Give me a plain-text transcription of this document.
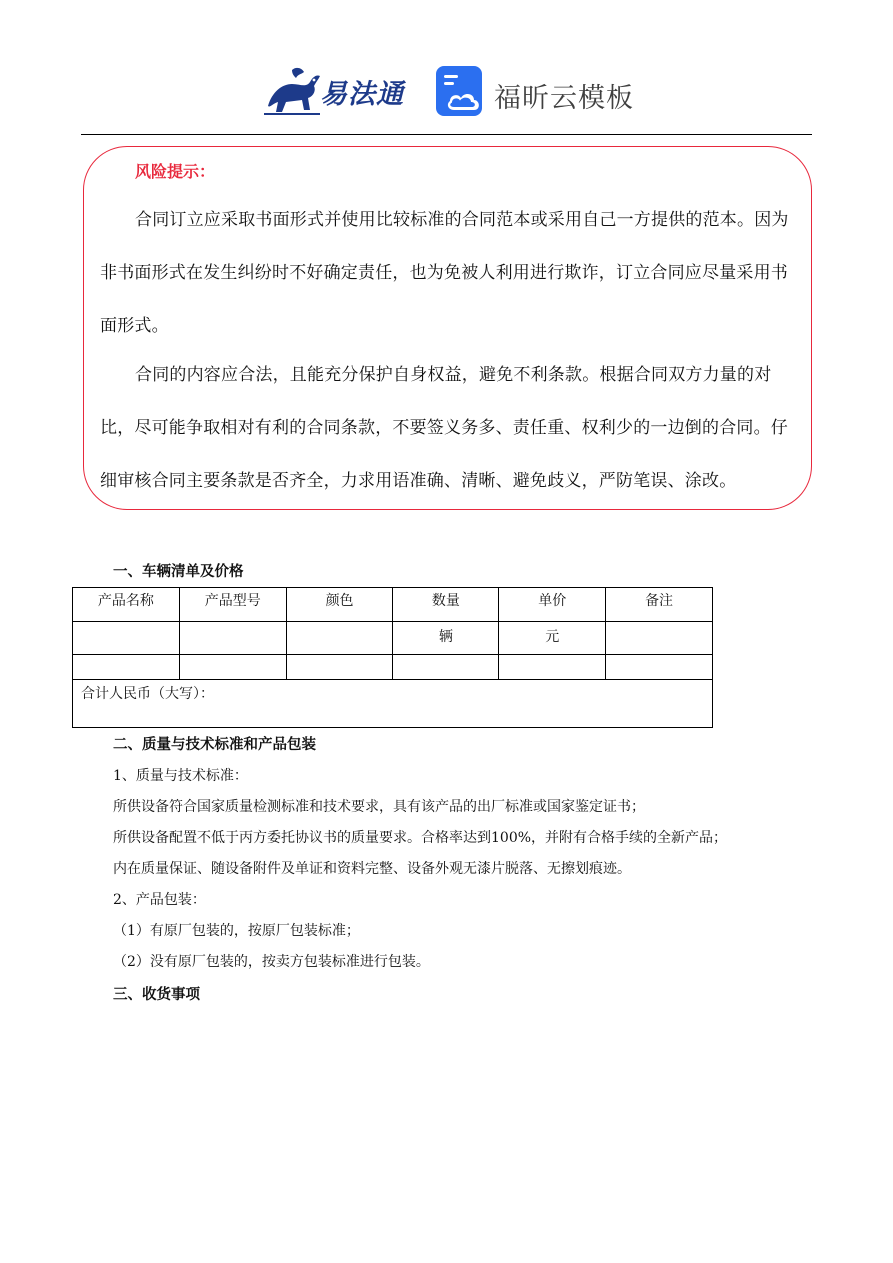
易法通	福昕云模板
风险提示：

合同订立应采取书面形式并使用比较标准的合同范本或采用自己一方提供的范本。因为非书面形式在发生纠纷时不好确定责任，也为免被人利用进行欺诈，订立合同应尽量采用书面形式。

合同的内容应合法，且能充分保护自身权益，避免不利条款。根据合同双方力量的对比，尽可能争取相对有利的合同条款，不要签义务多、责任重、权利少的一边倒的合同。仔细审核合同主要条款是否齐全，力求用语准确、清晰、避免歧义，严防笔误、涂改。

一、车辆清单及价格
产品名称	产品型号	颜色	数量	单价	备注
			辆	元	

合计人民币（大写）：					
二、质量与技术标准和产品包装
1、质量与技术标准：
所供设备符合国家质量检测标准和技术要求，具有该产品的出厂标准或国家鉴定证书；
所供设备配置不低于丙方委托协议书的质量要求。合格率达到100%，并附有合格手续的全新产品；
内在质量保证、随设备附件及单证和资料完整、设备外观无漆片脱落、无擦划痕迹。
2、产品包装：
（1）有原厂包装的，按原厂包装标准；
（2）没有原厂包装的，按卖方包装标准进行包装。
三、收货事项
